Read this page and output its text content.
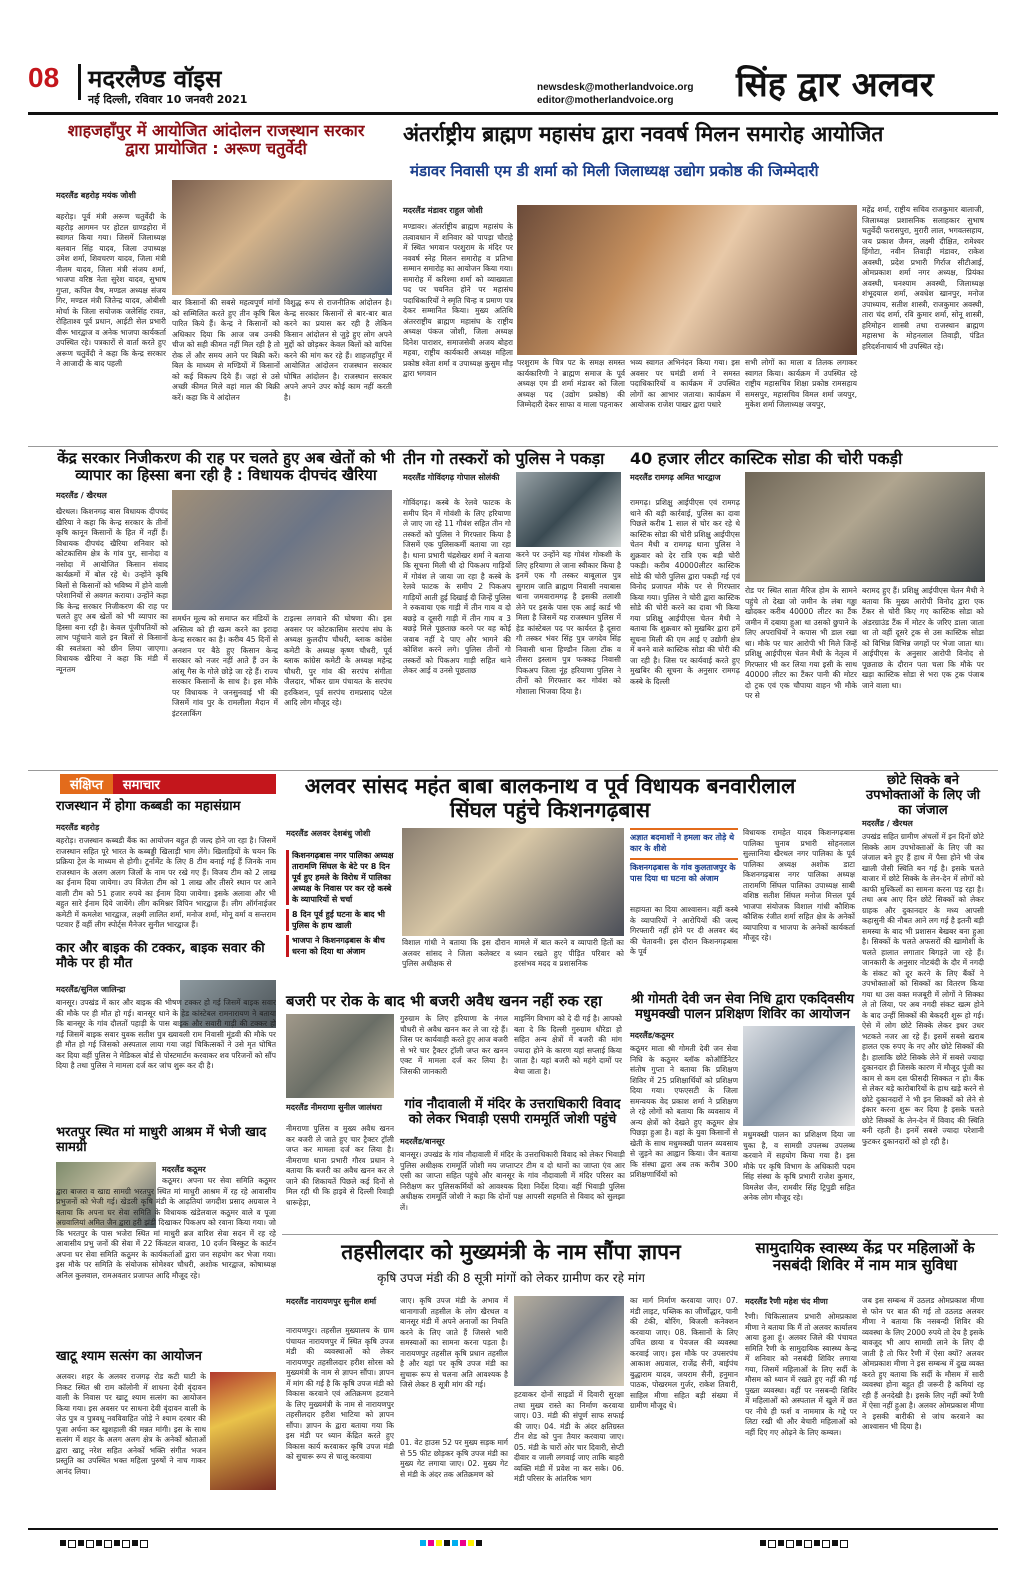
08 मदरलैण्ड वॉइस
नई दिल्ली, रविवार 10 जनवरी 2021
newsdesk@motherlandvoice.org
editor@motherlandvoice.org सिंह द्वार अलवर
शाहजहाँपुर में आयोजित आंदोलन राजस्थान सरकार द्वारा प्रायोजित : अरूण चतुर्वेदी
मदरलैंड बहरोड़ मयंक जोशी
बहरोड़। पूर्व मंत्री अरूण चतुर्वेदी के बहरोड़ आगमन पर होटल ग्राण्डहोरा में स्वागत किया गया। जिसमें जिलाध्यक्ष बलवान सिंह यादव, जिला उपाध्यक्ष उमेश शर्मा, शिवचरण यादव, जिला मंत्री नीलम यादव, जिला मंत्री संजय शर्मा, भाजपा वरिष्ठ नेता सुरेश यादव, सुभाष गुप्ता, कपिल वैष, मण्डल अध्यक्ष संजय गिर, मण्डल मंत्री जितेन्द्र यादव, ओबीसी मोर्चा के जिला सयोजक जलेसिंह रावत, रोहिताश्व पूर्व प्रधान, आईटी सेल प्रभारी वीरू भारद्वाज व अनेक भाजपा कार्यकर्ता उपस्थित रहे। पत्रकारों से वार्ता करते हुए अरूण चतुर्वेदी ने कहा कि केन्द्र सरकार ने आजादी के बाद पहली
बार किसानों की सबसे महत्वपूर्ण मांगों को सम्मिलित करते हुए तीन कृषि बिल पारित किये हैं। केन्द्र ने किसानों को अधिकार दिया कि आज जब उनकी चीज को सही कीमत नहीं मिल रही है तो रोक लें और समय आने पर बिक्री करें। बिल के माध्यम से मण्डियों में किसानों को कई विकल्प दिये हैं। जहां से उसे अच्छी कीमत मिले वहां माल की बिक्री करें। कहा कि ये आंदोलन
विशुद्ध रूप से राजनीतिक आंदोलन है। केन्द्र सरकार किसानों से बार-बार बात करने का प्रयास कर रही है लेकिन किसान आंदोलन से जुड़े हुए लोग अपने मुद्दों को छोड़कर केवल बिलों को वापिस करने की मांग कर रहे हैं। शाहजहाँपुर में आयोजित आंदोलन राजस्थान सरकार घोषित आंदोलन है। राजस्थान सरकार अपने अपने उपर कोई काम नहीं करती है।
अंतर्राष्ट्रीय ब्राह्मण महासंघ द्वारा नववर्ष मिलन समारोह आयोजित
मंडावर निवासी एम डी शर्मा को मिली जिलाध्यक्ष उद्योग प्रकोष्ठ की जिम्मेदारी
मदरलैंड मंडावर राहुल जोशी
मण्डावर। अंतर्राष्ट्रीय ब्राह्मण महासंघ के तत्वावधान में शनिवार को पापड़ा चौराहे में स्थित भगवान परशुराम के मंदिर पर नववर्ष स्नेह मिलन समारोह व प्रतिभा सम्मान समारोह का आयोजन किया गया। समारोह में करिश्मा शर्मा को व्याख्याता पद पर चयनित होने पर महासंघ पदाधिकारियों ने स्मृति चिन्ह व प्रमाण पत्र देकर सम्मानित किया। मुख्य अतिथि अंतरराष्ट्रीय ब्राह्मण महासंघ के राष्ट्रीय अध्यक्ष पंकज जोशी, जिला अध्यक्ष दिनेश पाराशर, समाजसेवी अजय बोहरा महवा, राष्ट्रीय कार्यकारी अध्यक्ष महिला प्रकोष्ठ श्वेता शर्मा व उपाध्यक्ष कुसुम मौड़ द्वारा भगवान
परशुराम के चित्र पट के समक्ष समस्त कार्यकारिणी ने ब्राह्मण समाज के पूर्व अध्यक्ष एम डी शर्मा मंडावर को जिला अध्यक्ष पद (उद्योग प्रकोष्ठ) की जिम्मेदारी देकर साफा व माला पहनाकर
भव्य स्वागत अभिनंदन किया गया। इस अवसर पर घमंडी शर्मा ने समस्त पदाधिकारियों व कार्यक्रम में उपस्थित लोगों का आभार जताया। कार्यक्रम में आयोजक राजेश पाखर द्वारा पधारे
सभी लोगों का माला व तिलक लगाकर स्वागत किया। कार्यक्रम में उपस्थित रहे राष्ट्रीय महासचिव शिक्षा प्रकोष्ठ रामसहाय समसपुर, महासचिव विमल शर्मा जयपुर, मुकेश शर्मा जिलाध्यक्ष जयपुर,
महेंद्र शर्मा, राष्ट्रीय सचिव राजकुमार बालाजी, जिलाध्यक्ष प्रशासनिक सलाहकार सुभाष चतुर्वेदी फरासपुरा, मुरारी लाल, भगवतसहाय, जय प्रकाश जैमन, लक्ष्मी दीक्षित, रामेश्वर हिंगोटा, नवीन तिवाड़ी मंडावर, राकेश अवस्थी, प्रदेश प्रभारी गिर्राज सीटीआई, ओमप्रकाश शर्मा नगर अध्यक्ष, प्रियंका अवस्थी, घनश्याम अवस्थी, जिलाध्यक्ष शंभूदयाल शर्मा, अवधेश खानपुर, मनोज उपाध्याय, सतीश शास्त्री, राजकुमार अवस्थी, तारा चंद शर्मा, रवि कुमार शर्मा, सोनू शास्त्री, हरिमोहन शास्त्री तथा राजस्थान ब्राह्मण महासभा के मोहनलाल तिवाड़ी, पंडित हरिदर्शनाचार्य भी उपस्थित रहे।
केंद्र सरकार निजीकरण की राह पर चलते हुए अब खेतों को भी व्यापार का हिस्सा बना रही है : विधायक दीपचंद खैरिया
मदरलैंड / खैरथल
खैरथल। किशनगढ़ बास विधायक दीपचंद खैरिया ने कहा कि केन्द्र सरकार के तीनों कृषि कानून किसानों के हित में नहीं हैं। विधायक दीपचंद खैरिया शनिवार को कोटकासिम क्षेत्र के गांव पुर, सानोदा व नसोदा में आयोजित किसान संवाद कार्यक्रमों में बोल रहे थे। उन्होंने कृषि बिलों से किसानों को भविष्य में होने वाली परेशानियों से अवगत कराया। उन्होंने कहा कि केन्द्र सरकार निजीकरण की राह पर चलते हुए अब खेतों को भी व्यापार का हिस्सा बना रही है। केवल पूंजीपतियों को लाभ पहुंचाने वाले इन बिलों से किसानों की स्वतंत्रता को छीन लिया जाएगा। विधायक खैरिया ने कहा कि मंडी में न्यूनतम
समर्थन मूल्य को समाप्त कर मंडियों के अस्तित्व को ही खत्म करने का इरादा केन्द्र सरकार का है। करीब 45 दिनों से अनशन पर बैठे हुए किसान केन्द्र सरकार को नजर नहीं आते हैं उन के आंसू गैस के गोले छोड़े जा रहे हैं। राज्य सरकार किसानों के साथ है। इस मौके पर विधायक ने जनसुनवाई भी की जिसमें गांव पुर के रामलीला मैदान में इंटरलाकिंग
टाइल्स लगवाने की घोषणा की। इस अवसर पर कोटकासिम सरपंच संघ के अध्यक्ष कुलदीप चौधरी, ब्लाक कांग्रेस कमेटी के अध्यक्ष कृष्ण चौधरी, पूर्व ब्लाक कांग्रेस कमेटी के अध्यक्ष महेन्द्र चौधरी, पुर गांव की सरपंच संगीता जैलदार, भौंकर ग्राम पंचायत के सरपंच हरकिशन, पूर्व सरपंच रामप्रसाद पटेल आदि लोग मौजूद रहे।
तीन गो तस्करों को पुलिस ने पकड़ा
मदरलैंड गोविंदगढ़ गोपाल सोलंकी
गोविंदगढ़। कस्बे के रेलवे फाटक के समीप दिन में गोवंशी के लिए हरियाणा ले जाए जा रहे 11 गौवंश सहित तीन गो तस्करों को पुलिस ने गिरफ्तार किया है जिसमें एक पुलिसकर्मी बताया जा रहा है। थाना प्रभारी चंद्रशेखर शर्मा ने बताया कि सूचना मिली थी दो पिकअप गाड़ियों में गोवंश ले जाया जा रहा है कस्बे के रेलवे फाटक के समीप 2 पिकअप गाड़ियों आती हुई दिखाई दी जिन्हें पुलिस ने रुकवाया एक गाड़ी में तीन गाय व दो बछड़े व दूसरी गाड़ी में तीन गाय व 3 बछड़े मिले पूछताछ करने पर वह कोई जवाब नहीं दे पाए और भागने की कोशिश करने लगे। पुलिस तीनों गो तस्करों को पिकअप गाड़ी सहित थाने लेकर आई व उनसे पूछताछ
करने पर उन्होंने यह गोवंश गोकशी के लिए हरियाणा ले जाना स्वीकार किया है इनमें एक गौ तस्कर बाबूलाल पुत्र सुगराम जाति ब्राह्मण निवासी नयाबास थाना जमवारामगढ़ है इसकी तलाशी लेने पर इसके पास एक आई कार्ड भी मिला है जिसमें यह राजस्थान पुलिस में हेड कांस्टेबल पद पर कार्यरत है दूसरा गौ तस्कर भंवर सिंह पुत्र जगदेव सिंह निवासी थाना हिण्डौन जिला टोंक व तीसरा इस्लाम पुत्र फक्कड़ निवासी पिकअप जिला नूंह हरियाणा पुलिस ने तीनों को गिरफ्तार कर गोवंश को गोशाला भिजवा दिया है।
40 हजार लीटर कास्टिक सोडा की चोरी पकड़ी
मदरलैंड रामगढ़ अमित भारद्वाज
रामगढ़। प्रशिक्षु आईपीएस एवं रामगढ़ थाने की बड़ी कार्रवाई, पुलिस का दावा पिछले करीब 1 साल से चोर कर रहे थे कास्टिक सोडा की चोरी प्रशिक्षु आईपीएस चेतन मैथी व रामगढ़ थाना पुलिस ने शुक्रवार को देर रात्रि एक बड़ी चोरी पकड़ी। करीब 40000लीटर कास्टिक सोडे की चोरी पुलिस द्वारा पकड़ी गई एवं विनोद प्रजापत मौके पर से गिरफ्तार किया गया। पुलिस ने चोरी द्वारा कास्टिक सोडे की चोरी करने का दावा भी किया गया प्रशिक्षु आईपीएस चेतन मैथी ने बताया कि शुक्रवार को मुखबिर द्वारा हमें सूचना मिली की एम आई ए उद्योगी क्षेत्र में बनने वाले कास्टिक सोडा की चोरी की जा रही है। जिस पर कार्यवाई करते हुए मुखबिर की सूचना के अनुसार रामगढ़ कस्बे के दिल्ली
रोड पर स्थित साता मैरिज होम के सामने पहुंचे तो देखा जो जमीन के लंबा गड्ढा खोदकर करीब 40000 लीटर का टैंक जमीन में दबाया हुआ था उसको छुपाने के लिए अपराधियों ने कपास भी डाल रखा था। मौके पर चार आरोपी भी मिले जिन्हें प्रशिक्षु आईपीएस चेतन मैथी के नेतृत्व में गिरफ्तार भी कर लिया गया इसी के साथ 40000 लीटर का टैंकर पानी की मोटर दो ट्रक एवं एक चौपाया वाहन भी मौके पर से
बरामद हुए हैं। प्रशिक्षु आईपीएस चेतन मैथी ने बताया कि मुख्य आरोपी विनोद द्वारा एक टैंकर से चोरी किए गए कास्टिक सोडा को अंडरग्राउंड टैंक में मोटर के जरिए डाला जाता था तो वहीं दूसरे ट्रक से उस कास्टिक सोडा को विभिन्न विभिन्न जगहों पर भेजा जाता था। आईपीएस के अनुसार आरोपी विनोद से पूछताछ के दौरान पता चला कि मौके पर खड़ा कास्टिक सोडा से भरा एक ट्रक पंजाब जाने वाला था।
संक्षिप्त	समाचार
राजस्थान में होगा कब्बडी का महासंग्राम
मदरलैंड बहरोड़
बहरोड़। राजस्थान कब्बडी बैंक का आयोजन बहुत ही जल्द होने जा रहा है। जिसमें राजस्थान सहित पूरे भारत के कब्बड्डी खिलाड़ी भाग लेंगे। खिलाड़ियों के चयन कि प्रक्रिया ट्रेल के माध्यम से होगी। टूर्नामेंट के लिए 8 टीम बनाई गई हैं जिनके नाम राजस्थान के अलग अलग जिलों के नाम पर रखे गए हैं। विजय टीम को 2 लाख का ईनाम दिया जायेगा। उप विजेता टीम को 1 लाख और तीसरे स्थान पर आने वाली टीम को 51 हजार रुपये का ईनाम दिया जायेगा। इसके अलावा और भी बहुत सारे ईनाम दिये जायेंगे। लीग कमिश्नर विपिन भारद्वाज हैं। लीग ऑर्गनाईजर कमेटी में कमलेश भारद्वाज, लक्ष्मी लालित शर्मा, मनोज शर्मा, मोनू वर्मा व सन्तराम पटवार हैं वहीं लीग स्पोर्ट्स मैनेजर सुनील भारद्वाज हैं।
कार और बाइक की टक्कर, बाइक सवार की मौके पर ही मौत
मदरलैंड/सुनिल जालिन्द्रा
बानसूर। उपखंड में कार और बाइक की भीषण टक्कर हो गई जिसमें बाइक सवार की मौके पर ही मौत हो गई। बानसूर थाने के हेड कांस्टेबल रामनारायण ने बताया कि बानसूर के गांव दौलतों पहाड़ी के पास बाइक और सवारी गाड़ी की टक्कर हो गई जिसमें बाइक सवार युवक सतीश पुत्र ख्यावली राम निवासी मूंडवी की मौके पर ही मौत हो गई जिसको अस्पताल लाया गया जहां चिकित्सकों ने उसे मृत घोषित कर दिया वहीं पुलिस ने मेडिकल बोर्ड से पोस्टमार्टम करवाकर शव परिजनों को सौंप दिया है तथा पुलिस ने मामला दर्ज कर जांच शुरू कर दी है।
भरतपुर स्थित मां माधुरी आश्रम में भेजी खाद सामग्री
मदरलैंड कठूमर
कठूमर। अपना घर सेवा समिति कठूमर द्वारा बाजरा व खाद्य सामग्री भरतपुर स्थित मां माधुरी आश्रम में रह रहे आवासीय प्रभुजनों को भेजी गई। खेडली कृषि मंडी के आढ़तियां जगदीश प्रसाद अग्रवाल ने बताया कि अपना घर सेवा समिति के विधायक खंडेलवाल कठूमर वाले व पूजा अग्रवालियां अमित जैन द्वारा हरी झंडी दिखाकर पिकअप को रवाना किया गया। जो कि भरतपुर के पास भजेरा स्थित मां माधुरी ब्रज वारिश सेवा सदन में रह रहे आवासीय प्रभु जनों की सेवा में 22 किंवटल बाजरा, 10 दर्जन बिस्कुट के कार्टन अपना घर सेवा समिति कठूमर के कार्यकर्ताओं द्वारा जन सहयोग कर भेजा गया। इस मौके पर समिति के संयोजक सोमेश्वर चौधरी, अशोक भारद्वाज, कोषाध्यक्ष अनिल कुलवाल, रामअवतार प्रजापत आदि मौजूद रहे।
खाटू श्याम सत्संग का आयोजन
अलवर। शहर के अलवर राजगढ़ रोड कटी घाटी के निकट स्थित श्री राम कॉलोनी में शाधना देवी वृंदावन वाली के निवास पर खाटू श्याम सत्संग का आयोजन किया गया। इस अवसर पर साधना देवी वृंदावन वाली के जेठ पुत्र व पुत्रवधू नवविवाहित जोड़े ने श्याम दरबार की पूजा अर्चना कर खुशहाली की मन्नत मांगी। इस के साथ सत्संग में शहर के अलग अलग क्षेत्र के अनेकों श्रोताओं द्वारा खाटू नरेश सहित अनेकों भक्ति संगीत भजन प्रस्तुति का उपस्थित भक्त महिला पुरुषों ने नाच गाकर आनंद लिया।
अलवर सांसद महंत बाबा बालकनाथ व पूर्व विधायक बनवारीलाल सिंघल पहुंचे किशनगढ़बास
मदरलैंड अलवर देशबंधु जोशी
किशनगढ़बास नगर पालिका अध्यक्ष तारामणि सिंघल के बेटे पर 8 दिन पूर्व हुए हमले के विरोध में पालिका अध्यक्ष के निवास पर कर रहे कस्बे के व्यापारियों से चर्चा
8 दिन पूर्व हुई घटना के बाद भी पुलिस के हाथ खाली
भाजपा ने किशनगढ़बास के बीच धरना को दिया था अंजाम
विशाल गांधी ने बताया कि इस दौरान अलवर सांसद ने जिला कलेक्टर व पुलिस अधीक्षक से
मामले में बात करने व व्यापारी हितों का ध्यान रखते हुए पीड़ित परिवार को हरसंभव मदद व प्रशासनिक
अज्ञात बदमाशों ने हमला कर तोड़े थे कार के शीशे
किशनगढ़बास के गांव कुलताजपुर के पास दिया था घटना को अंजाम
सहायता का दिया आश्वासन। वहीं कस्बे के व्यापारियों ने आरोपियों की जल्द गिरफ्तारी नहीं होने पर दी अलवर बंद की चेतावनी। इस दौरान किशनगढ़बास के पूर्व
विधायक रामहेत यादव किशनगढ़बास पालिका चुनाव प्रभारी सोहनलाल सुल्तानिया खैरथल नगर पालिका के पूर्व पालिका अध्यक्ष अशोक डाटा किशनगढ़बास नगर पालिका अध्यक्ष तारामणि सिंघल पालिका उपाध्यक्ष साबी वशिष्ठ सतीश सिंघल मनोज मित्तल पूर्व भाजपा संयोजक विशाल गांधी कौशिक कौशिक रंजीत शर्मा सहित क्षेत्र के अनेकों व्यापारिया व भाजपा के अनेकों कार्यकर्ता मौजूद रहे।
बजरी पर रोक के बाद भी बजरी अवैध खनन नहीं रुक रहा
मदरलैंड नीमराणा सुनील जालंधरा
नीमराणा पुलिस व मुख्य अवैध खनन कर बजरी ले जाते हुए चार ट्रैक्टर ट्रॉली जप्त कर मामला दर्ज कर लिया है। नीमराणा थाना प्रभारी गौरव प्रधान ने बताया कि बजरी का अवैध खनन कर ले जाने की शिकायतें पिछले कई दिनों से मिल रही थी कि हाइवे से दिल्ली रिवाड़ी धारूहेड़ा,
गुरुग्राम के लिए हरियाणा के नंगल चौधरी से अवैध खनन कर ले जा रहे हैं। जिस पर कार्यवाही करते हुए आज बजरी से भरे चार ट्रैक्टर ट्रॉली जप्त कर खनन एक्ट में मामला दर्ज कर लिया है। जिसकी जानकारी
माइनिंग विभाग को दे दी गई है। आपको बता दे कि दिल्ली गुरुग्राम धौरेडा हो सहित अन्य क्षेत्रों में बजरी की मांग ज्यादा होने के कारण यहां सप्लाई किया जाता है। यहां बजरी को महंगे दामों पर बेचा जाता है।
गांव नौदावाली में मंदिर के उत्तराधिकारी विवाद को लेकर भिवाड़ी एसपी राममूर्ति जोशी पहुंचे
मदरलैंड/बानसूर
बानसूर। उपखंड के गांव नौदावाली में मंदिर के उत्तराधिकारी विवाद को लेकर भिवाड़ी पुलिस अधीक्षक राममूर्ति जोशी मय जप्ताप्टर टीम व दो थानों का जाप्ता एंव आर एसी का जाप्ता सहित पहुंचे और बानसूर के गांव नौदावाली में मंदिर परिसर का निरीक्षण कर पुलिसकर्मियों को आवश्यक दिशा निर्देश दिया। वहीं भिवाड़ी पुलिस अधीक्षक राममूर्ति जोशी ने कहा कि दोनों पक्ष आपसी सहमति से विवाद को सुलझा लें।
श्री गोमती देवी जन सेवा निधि द्वारा एकदिवसीय मधुमक्खी पालन प्रशिक्षण शिविर का आयोजन
मदरलैंड/कठूमर
कठूमर माता श्री गोमती देवी जन सेवा निधि के कठूमर ब्लॉक कोऑर्डिनेटर संतोष गुप्ता ने बताया कि प्रशिक्षण शिविर में 25 प्रशिक्षार्थियों को प्रशिक्षण दिया गया। एफएसटी के जिला समन्वयक वेद प्रकाश शर्मा ने प्रशिक्षण ले रहे लोगों को बताया कि व्यवसाय में अन्य क्षेत्रों को देखते हुए कठूमर क्षेत्र पिछड़ा हुआ है। वहां के युवा किसानों से खेती के साथ मधुमक्खी पालन व्यवसाय से जुड़ने का आह्वान किया। जैन बताया कि संस्था द्वारा अब तक करीब 300 प्रशिक्षणार्थियों को
मधुमक्खी पालन का प्रशिक्षण दिया जा चुका है, व सामग्री उपलब्ध उपलब्ध करवाने में सहयोग किया गया है। इस मौके पर कृषि विभाग के अधिकारी पदम सिंह संस्था के कृषि प्रभारी राजेश कुमार, विमलेश जैन, रामवीर सिंह ट्रिपुडी सहित अनेक लोग मौजूद रहे।
छोटे सिक्के बने उपभोक्ताओं के लिए जी का जंजाल
मदरलैंड / खैरथल
उपखंड सहित ग्रामीण अंचलों में इन दिनों छोटे सिक्के आम उपभोक्ताओं के लिए जी का जंजाल बने हुए हैं हाथ में पैसा होने भी जेब खाली जैसी स्थिति बन गई है। इसके चलते बाजार में छोटे सिक्के के लेन-देन में लोगों को काफी मुश्किलों का सामना करना पड़ रहा है। तथा अब आए दिन छोटे सिक्कों को लेकर ग्राहक और दुकानदार के मध्य आपसी कहासुनी की नौबत आने लग गई है इतनी बड़ी समस्या के बाद भी प्रशासन बेखबर बना हुआ है। सिक्कों के चलते अफसरों की खामोशी के चलते हालात लगातार बिगड़ते जा रहे हैं। जानकारी के अनुसार नोटबंदी के दौर में नगदी के संकट को दूर करने के लिए बैंकों ने उपभोक्ताओं को सिक्कों का वितरण किया गया था उस वक्त मजबूरी में लोगों ने सिक्का ले तो लिया, पर अब नगदी संकट खत्म होने के बाद उन्हीं सिक्कों की बेकदरी शुरू हो गई। ऐसे में लोग छोटे सिक्के लेकर इधर उधर भटकते नजर आ रहे हैं। इसमें सबसे खराब हालत एक रुपए के नए और छोटे सिक्कों की है। हालाकि छोटे सिक्के लेने में सबसे ज्यादा दुकानदार ही जिसके कारण में मौजूद पूंजी का काम से कम दस फीसदी सिक्कत न हो। बैंक से लेकर बड़े कारोबारियों के हाथ खड़े करने से छोटे दुकानदारों ने भी इन सिक्कों को लेने से इंकार करना शुरू कर दिया है इसके चलते छोटे सिक्कों के लेन-देन में विवाद की स्थिति बनी रहती है। इनमें सबसे ज्यादा परेशानी फुटकर दुकानदारों को हो रही है।
तहसीलदार को मुख्यमंत्री के नाम सौंपा ज्ञापन
कृषि उपज मंडी की 8 सूत्री मांगों को लेकर ग्रामीण कर रहे मांग
मदरलैंड नारायणपुर सुनील शर्मा
नारायणपुर। तहसील मुख्यालय के ग्राम पंचायत नारायणपुर में स्थित कृषि उपज मंडी की व्यवस्थाओं को लेकर नारायणपुर तहसीलदार हरीश सोरस को मुख्यमंत्री के नाम से ज्ञापन सौंपा। ज्ञापन में मांग की गई है कि कृषि उपज मंडी को विकास करवाने एवं अतिक्रमण हटवाने के लिए मुख्यमंत्री के नाम से नारायणपुर तहसीलदार हरीश भाटिया को ज्ञापन सौंपा। ज्ञापन के द्वारा बताया गया कि इस मंडी पर ध्यान केंद्रित करते हुए विकास कार्य करवाकर कृषि उपज मंडी को सुचारू रूप से चालू करवाया
जाए। कृषि उपज मंडी के अभाव में थानागाजी तहसील के लोग खैरथल व बानसूर मंडी में अपने अनाजों का नियति करने के लिए जाते हैं जिससे भारी समस्याओं का सामना करना पड़ता है। नारायणपुर तहसील कृषि प्रधान तहसील है और यहां पर कृषि उपज मंडी का सुचारू रूप से चलना अति आवश्यक है जिसे लेकर 8 सूत्री मांग की गई।
01. वेट हाउस 52 पर मुख्य सड़क मार्ग से 55 फीट छोड़कर कृषि उपज मंडी का मुख्य गेट लगाया जाए। 02. मुख्य गेट से मंडी के अंदर तक अतिक्रमण को
हटवाकर दोनों साइडों में दिवारी सुरक्षा तथा मुख्य रास्ते का निर्माण करवाया जाए। 03. मंडी की संपूर्ण साफ सफाई की जाए। 04. मंडी के अंदर क्षतिग्रस्त टीन शेड को पुनः तैयार करवाया जाए। 05. मंडी के चारों ओर चार दिवारी, सेप्टी दीवार व जाली लगवाई जाए ताकि बाहरी व्यक्ति मंडी में प्रवेश ना कर सके। 06. मंडी परिसर के आंतरिक भाग
का मार्ग निर्माण करवाया जाए। 07. मंडी लाइट, पब्लिक का जीर्णोद्धार, पानी की टंकी, बोरिंग, बिजली कनेक्शन करवाया जाए। 08. किसानों के लिए उचित छाया व पेयजल की व्यवस्था करवाई जाए। इस मौके पर उपसरपंच आकाश अग्रवाल, राजेंद्र सैनी, बाईपंच बुद्धाराम यादव, जयराम सैनी, हनुमान पाठक, पोखरमल गुर्जर, राकेश तिवारी, साहिल मीणा सहित बड़ी संख्या में ग्रामीण मौजूद थे।
सामुदायिक स्वास्थ्य केंद्र पर महिलाओं के नसबंदी शिविर में नाम मात्र सुविधा
मदरलैंड रैणी महेश चंद मीणा
रैणी। चिकित्सालय प्रभारी ओमप्रकाश मीणा ने बताया कि मैं तो अलवर कार्यालय आया हुआ हूं। अलवर जिले की पंचायत समिति रैणी के सामुदायिक स्वास्थ्य केन्द्र में शनिवार को नसबंदी शिविर लगाया गया, जिसमें महिलाओं के लिए सर्दी के मौसम को ध्यान में रखते हुए नहीं की गई पुख्ता व्यवस्था। वहीं पर नसबन्दी शिविर में महिलाओं को अस्पताल में खुले में छत पर नीचे ही फर्श व नाममात्र के गद्दे पर लिटा रखी थी और बेचारी महिलाओं को नहीं दिए गए ओढ़ने के लिए कम्बल।
जब इस सम्बन्ध में उठलड ओमप्रकाश मीणा से फोन पर बात की गई तो उठलड अलवर मीणा ने बताया कि नसबन्दी शिविर की व्यवस्था के लिए 2000 रुपये तो देय है इसके बावजूद भी आप सामग्री लाने के लिए दी जाती है तो फिर रैणी में ऐसा क्यों? अलवर ओमप्रकाश मीणा ने इस सम्बन्ध में दुख व्यक्त करते हुए बताया कि सर्दी के मौसम में सारी व्यवस्था होना बहुत ही जरूरी है कमियां रह रही हैं अनदेखी है। इसके लिए नहीं क्यों रैणी में ऐसा नहीं हुआ है। अलवर ओमप्रकाश मीणा ने इसकी बारीकी से जांच करवाने का आश्वासन भी दिया है।
